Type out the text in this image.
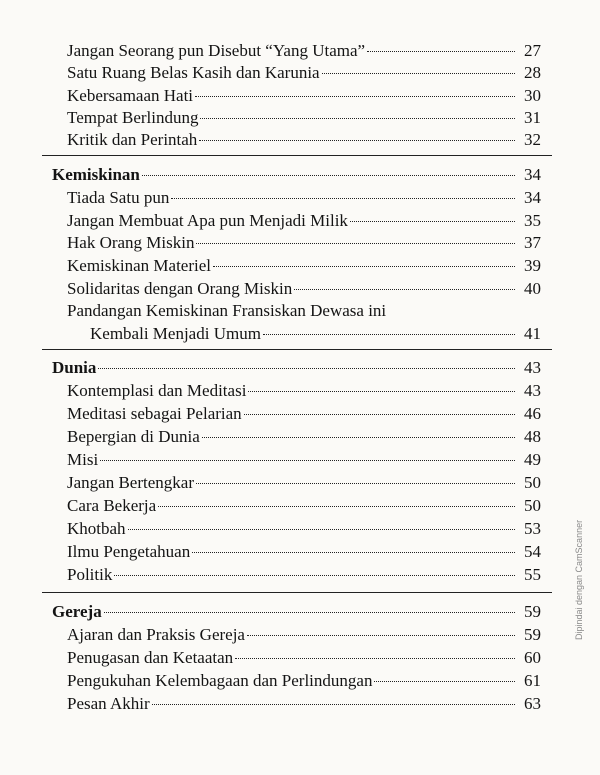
Jangan Seorang pun Disebut “Yang Utama”	27
Satu Ruang Belas Kasih dan Karunia	28
Kebersamaan Hati	30
Tempat Berlindung	31
Kritik dan Perintah	32
Kemiskinan	34
Tiada Satu pun	34
Jangan Membuat Apa pun Menjadi Milik	35
Hak Orang Miskin	37
Kemiskinan Materiel	39
Solidaritas dengan Orang Miskin	40
Pandangan Kemiskinan Fransiskan Dewasa ini
Kembali Menjadi Umum	41
Dunia	43
Kontemplasi dan Meditasi	43
Meditasi sebagai Pelarian	46
Bepergian di Dunia	48
Misi	49
Jangan Bertengkar	50
Cara Bekerja	50
Khotbah	53
Ilmu Pengetahuan	54
Politik	55
Gereja	59
Ajaran dan Praksis Gereja	59
Penugasan dan Ketaatan	60
Pengukuhan Kelembagaan dan Perlindungan	61
Pesan Akhir	63
Dipindai dengan CamScanner
